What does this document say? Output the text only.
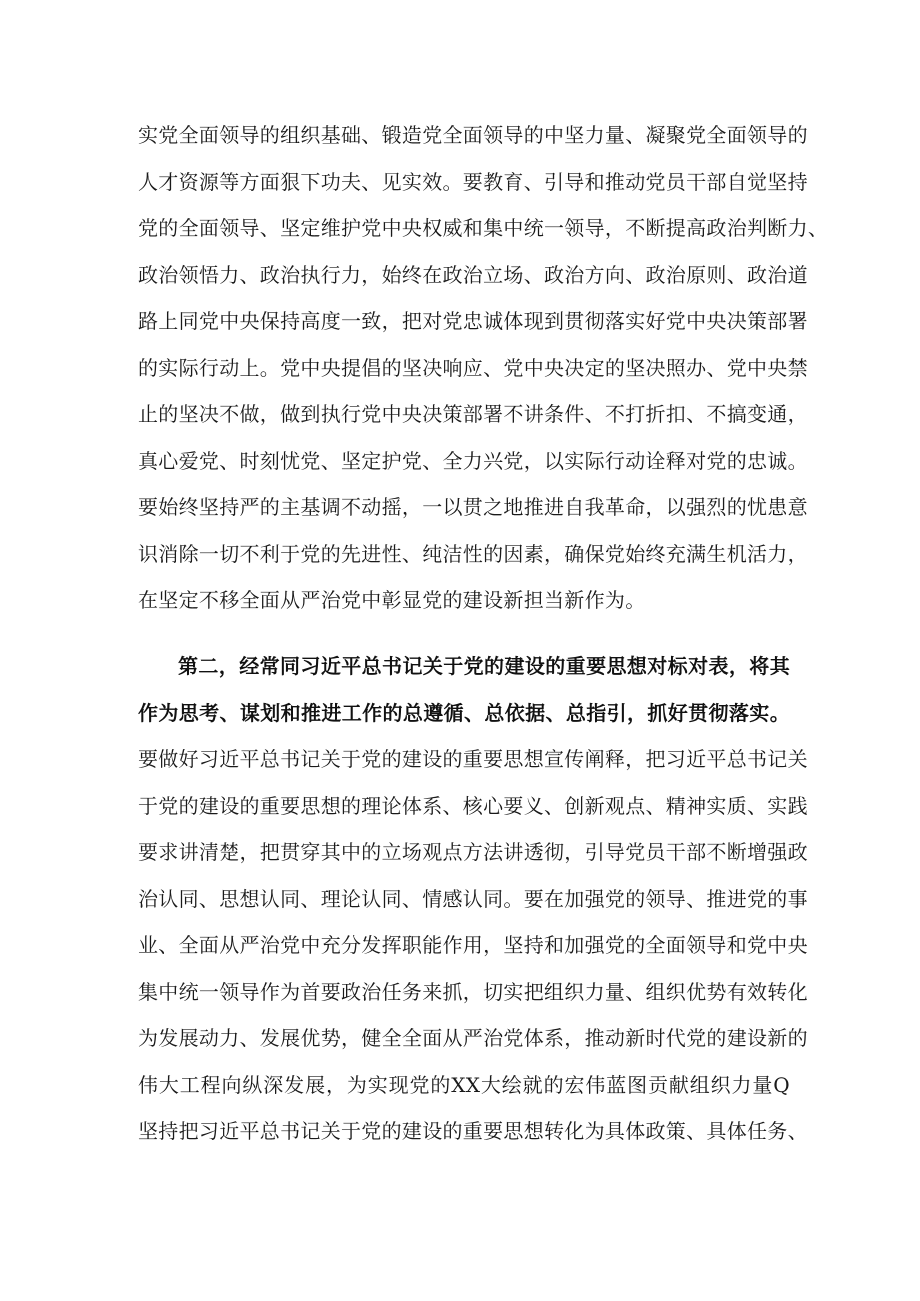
实党全面领导的组织基础、锻造党全面领导的中坚力量、凝聚党全面领导的
人才资源等方面狠下功夫、见实效。要教育、引导和推动党员干部自觉坚持
党的全面领导、坚定维护党中央权威和集中统一领导，不断提高政治判断力、
政治领悟力、政治执行力，始终在政治立场、政治方向、政治原则、政治道
路上同党中央保持高度一致，把对党忠诚体现到贯彻落实好党中央决策部署
的实际行动上。党中央提倡的坚决响应、党中央决定的坚决照办、党中央禁
止的坚决不做，做到执行党中央决策部署不讲条件、不打折扣、不搞变通，
真心爱党、时刻忧党、坚定护党、全力兴党，以实际行动诠释对党的忠诚。
要始终坚持严的主基调不动摇，一以贯之地推进自我革命，以强烈的忧患意
识消除一切不利于党的先进性、纯洁性的因素，确保党始终充满生机活力，
在坚定不移全面从严治党中彰显党的建设新担当新作为。
第二，经常同习近平总书记关于党的建设的重要思想对标对表，将其
作为思考、谋划和推进工作的总遵循、总依据、总指引，抓好贯彻落实。
要做好习近平总书记关于党的建设的重要思想宣传阐释，把习近平总书记关
于党的建设的重要思想的理论体系、核心要义、创新观点、精神实质、实践
要求讲清楚，把贯穿其中的立场观点方法讲透彻，引导党员干部不断增强政
治认同、思想认同、理论认同、情感认同。要在加强党的领导、推进党的事
业、全面从严治党中充分发挥职能作用，坚持和加强党的全面领导和党中央
集中统一领导作为首要政治任务来抓，切实把组织力量、组织优势有效转化
为发展动力、发展优势，健全全面从严治党体系，推动新时代党的建设新的
伟大工程向纵深发展，为实现党的XX大绘就的宏伟蓝图贡献组织力量Q
坚持把习近平总书记关于党的建设的重要思想转化为具体政策、具体任务、
